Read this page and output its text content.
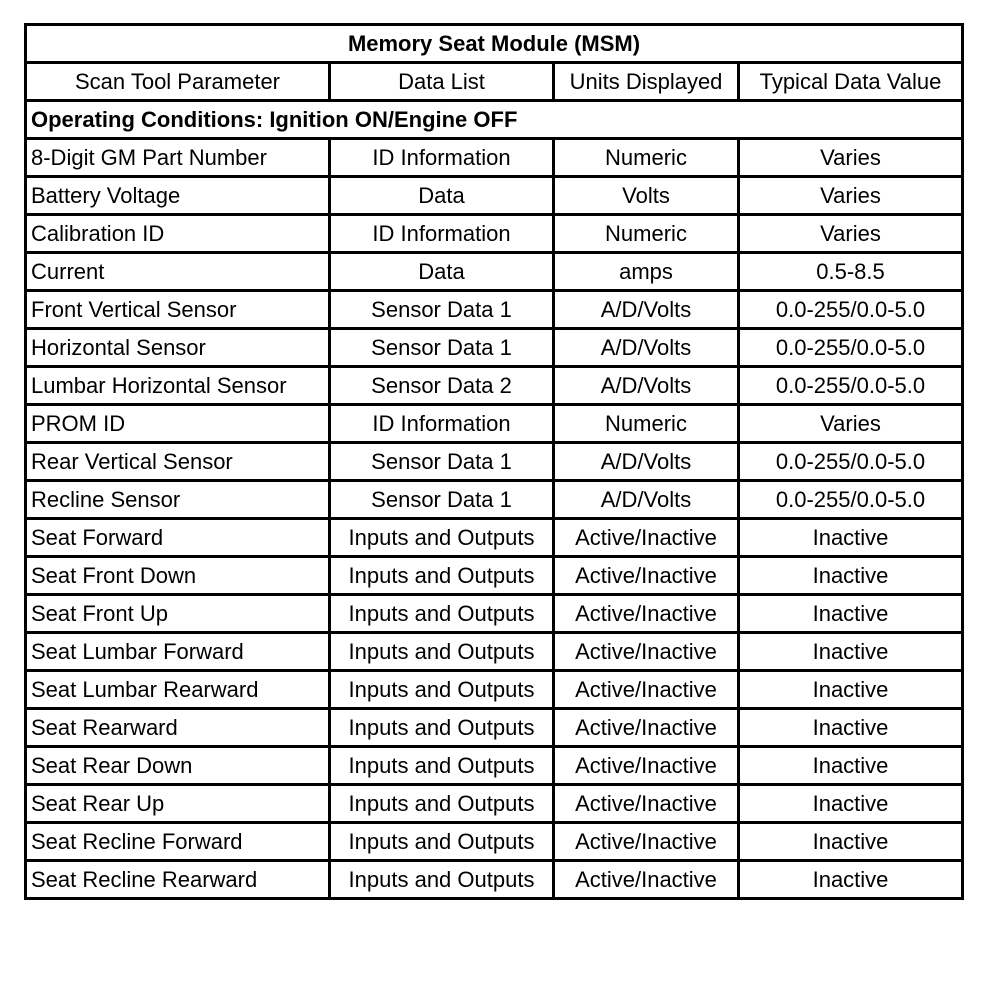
Memory Seat Module (MSM)			
Scan Tool Parameter	Data List	Units Displayed	Typical Data Value
Operating Conditions: Ignition ON/Engine OFF			
8-Digit GM Part Number	ID Information	Numeric	Varies
Battery Voltage	Data	Volts	Varies
Calibration ID	ID Information	Numeric	Varies
Current	Data	amps	0.5-8.5
Front Vertical Sensor	Sensor Data 1	A/D/Volts	0.0-255/0.0-5.0
Horizontal Sensor	Sensor Data 1	A/D/Volts	0.0-255/0.0-5.0
Lumbar Horizontal Sensor	Sensor Data 2	A/D/Volts	0.0-255/0.0-5.0
PROM ID	ID Information	Numeric	Varies
Rear Vertical Sensor	Sensor Data 1	A/D/Volts	0.0-255/0.0-5.0
Recline Sensor	Sensor Data 1	A/D/Volts	0.0-255/0.0-5.0
Seat Forward	Inputs and Outputs	Active/Inactive	Inactive
Seat Front Down	Inputs and Outputs	Active/Inactive	Inactive
Seat Front Up	Inputs and Outputs	Active/Inactive	Inactive
Seat Lumbar Forward	Inputs and Outputs	Active/Inactive	Inactive
Seat Lumbar Rearward	Inputs and Outputs	Active/Inactive	Inactive
Seat Rearward	Inputs and Outputs	Active/Inactive	Inactive
Seat Rear Down	Inputs and Outputs	Active/Inactive	Inactive
Seat Rear Up	Inputs and Outputs	Active/Inactive	Inactive
Seat Recline Forward	Inputs and Outputs	Active/Inactive	Inactive
Seat Recline Rearward	Inputs and Outputs	Active/Inactive	Inactive
